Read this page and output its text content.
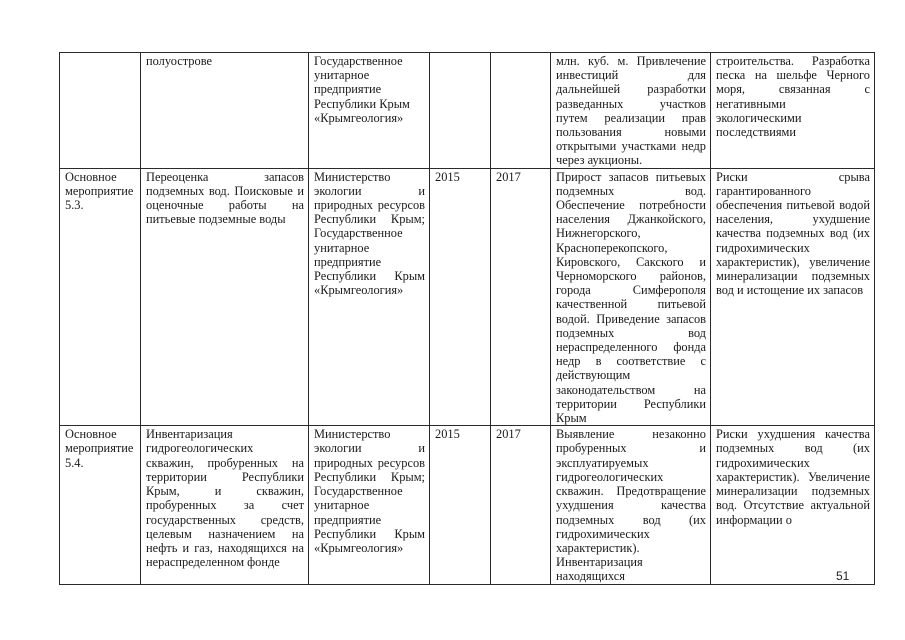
	полуострове	Государственное
унитарное
предприятие
Республики Крым
«Крымгеология»			млн. куб. м. Привлечение инвестиций для дальнейшей разработки разведанных участков путем реализации прав пользования новыми открытыми участками недр через аукционы.	строительства. Разработка песка на шельфе Черного моря, связанная с негативными экологическими последствиями

Основное мероприятие 5.3.	Переоценка запасов подземных вод. Поисковые и оценочные работы на питьевые подземные воды	Министерство экологии и природных ресурсов Республики Крым; Государственное унитарное предприятие Республики Крым «Крымгеология»	2015	2017	Прирост запасов питьевых подземных вод. Обеспечение потребности населения Джанкойского, Нижнегорского, Красноперекопского, Кировского, Сакского и Черноморского районов, города Симферополя качественной питьевой водой. Приведение запасов подземных вод нераспределенного фонда недр в соответствие с действующим законодательством на территории Республики Крым	Риски срыва гарантированного обеспечения питьевой водой населения, ухудшение качества подземных вод (их гидрохимических характеристик), увеличение минерализации подземных вод и истощение их запасов

Основное мероприятие 5.4.	Инвентаризация гидрогеологических скважин, пробуренных на территории Республики Крым, и скважин, пробуренных за счет государственных средств, целевым назначением на нефть и газ, находящихся на нераспределенном фонде	Министерство экологии и природных ресурсов Республики Крым; Государственное унитарное предприятие Республики Крым «Крымгеология»	2015	2017	Выявление незаконно пробуренных и эксплуатируемых гидрогеологических скважин. Предотвращение ухудшения качества подземных вод (их гидрохимических характеристик). Инвентаризация находящихся	Риски ухудшения качества подземных вод (их гидрохимических характеристик). Увеличение минерализации подземных вод. Отсутствие актуальной информации о
51
